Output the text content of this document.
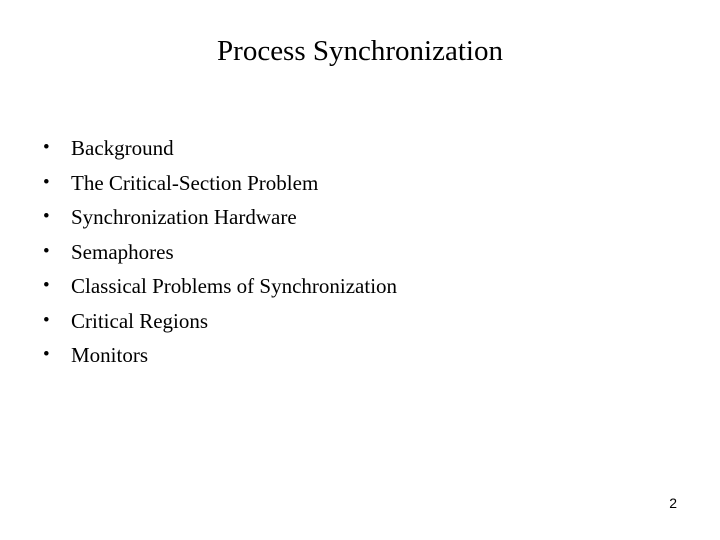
Process Synchronization
•	Background
•	The Critical-Section Problem
•	Synchronization Hardware
•	Semaphores
•	Classical Problems of Synchronization
•	Critical Regions
•	Monitors
2
